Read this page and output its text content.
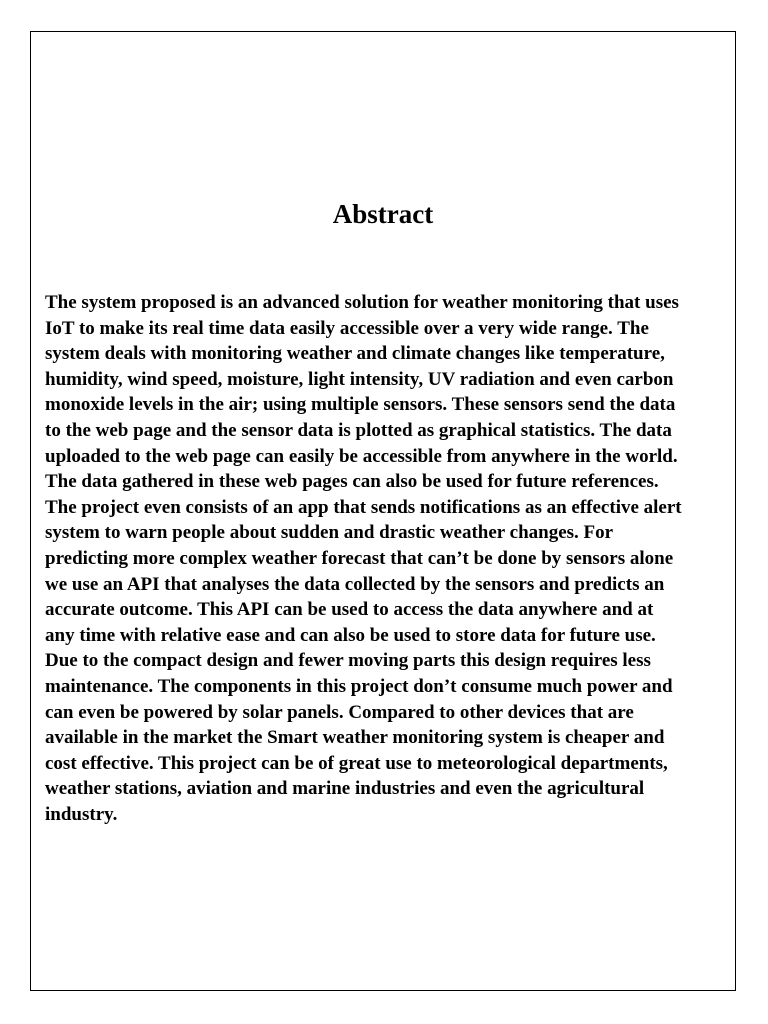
Abstract

The system proposed is an advanced solution for weather monitoring that uses
IoT to make its real time data easily accessible over a very wide range. The
system deals with monitoring weather and climate changes like temperature,
humidity, wind speed, moisture, light intensity, UV radiation and even carbon
monoxide levels in the air; using multiple sensors. These sensors send the data
to the web page and the sensor data is plotted as graphical statistics. The data
uploaded to the web page can easily be accessible from anywhere in the world.
The data gathered in these web pages can also be used for future references.
The project even consists of an app that sends notifications as an effective alert
system to warn people about sudden and drastic weather changes. For
predicting more complex weather forecast that can’t be done by sensors alone
we use an API that analyses the data collected by the sensors and predicts an
accurate outcome. This API can be used to access the data anywhere and at
any time with relative ease and can also be used to store data for future use.
Due to the compact design and fewer moving parts this design requires less
maintenance. The components in this project don’t consume much power and
can even be powered by solar panels. Compared to other devices that are
available in the market the Smart weather monitoring system is cheaper and
cost effective. This project can be of great use to meteorological departments,
weather stations, aviation and marine industries and even the agricultural
industry.
